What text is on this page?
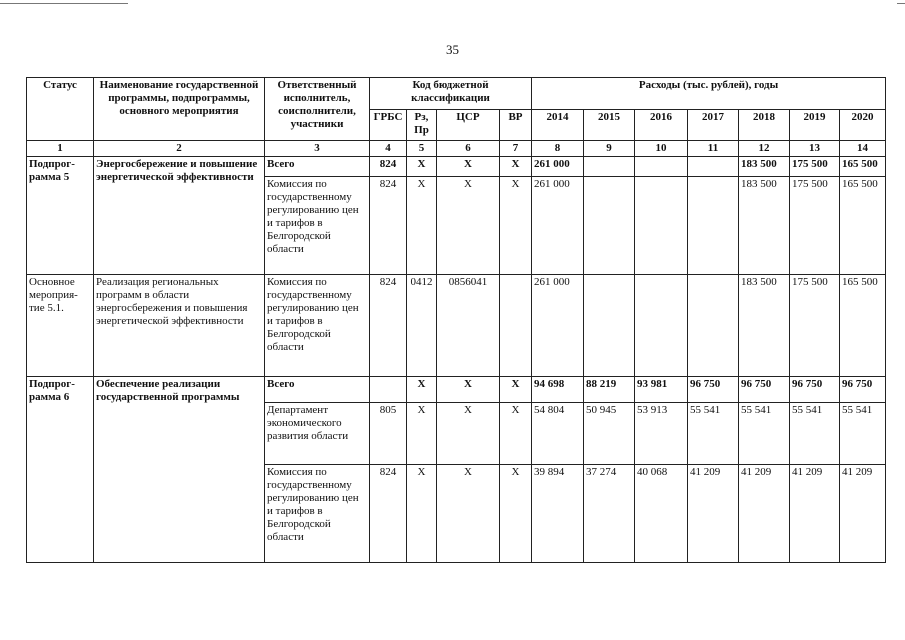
35
Статус	Наименование государственной программы, подпрограммы, основного мероприятия	Ответственный исполнитель, соисполнители, участники	Код бюджетной классификации				Расходы (тыс. рублей), годы						
			ГРБС	Рз, Пр	ЦСР	ВР	2014	2015	2016	2017	2018	2019	2020
1	2	3	4	5	6	7	8	9	10	11	12	13	14
Подпрог-рамма 5	Энергосбережение и повышение энергетической эффективности	Всего	824	X	X	X	261 000				183 500	175 500	165 500
		Комиссия по государственному регулированию цен и тарифов в Белгородской области	824	X	X	X	261 000				183 500	175 500	165 500
Основное мероприя-тие 5.1.	Реализация региональных программ в области энергосбережения и повышения энергетической эффективности	Комиссия по государственному регулированию цен и тарифов в Белгородской области	824	0412	0856041		261 000				183 500	175 500	165 500
Подпрог-рамма 6	Обеспечение реализации государственной программы	Всего		X	X	X	94 698	88 219	93 981	96 750	96 750	96 750	96 750
		Департамент экономического развития области	805	X	X	X	54 804	50 945	53 913	55 541	55 541	55 541	55 541
		Комиссия по государственному регулированию цен и тарифов в Белгородской области	824	X	X	X	39 894	37 274	40 068	41 209	41 209	41 209	41 209
